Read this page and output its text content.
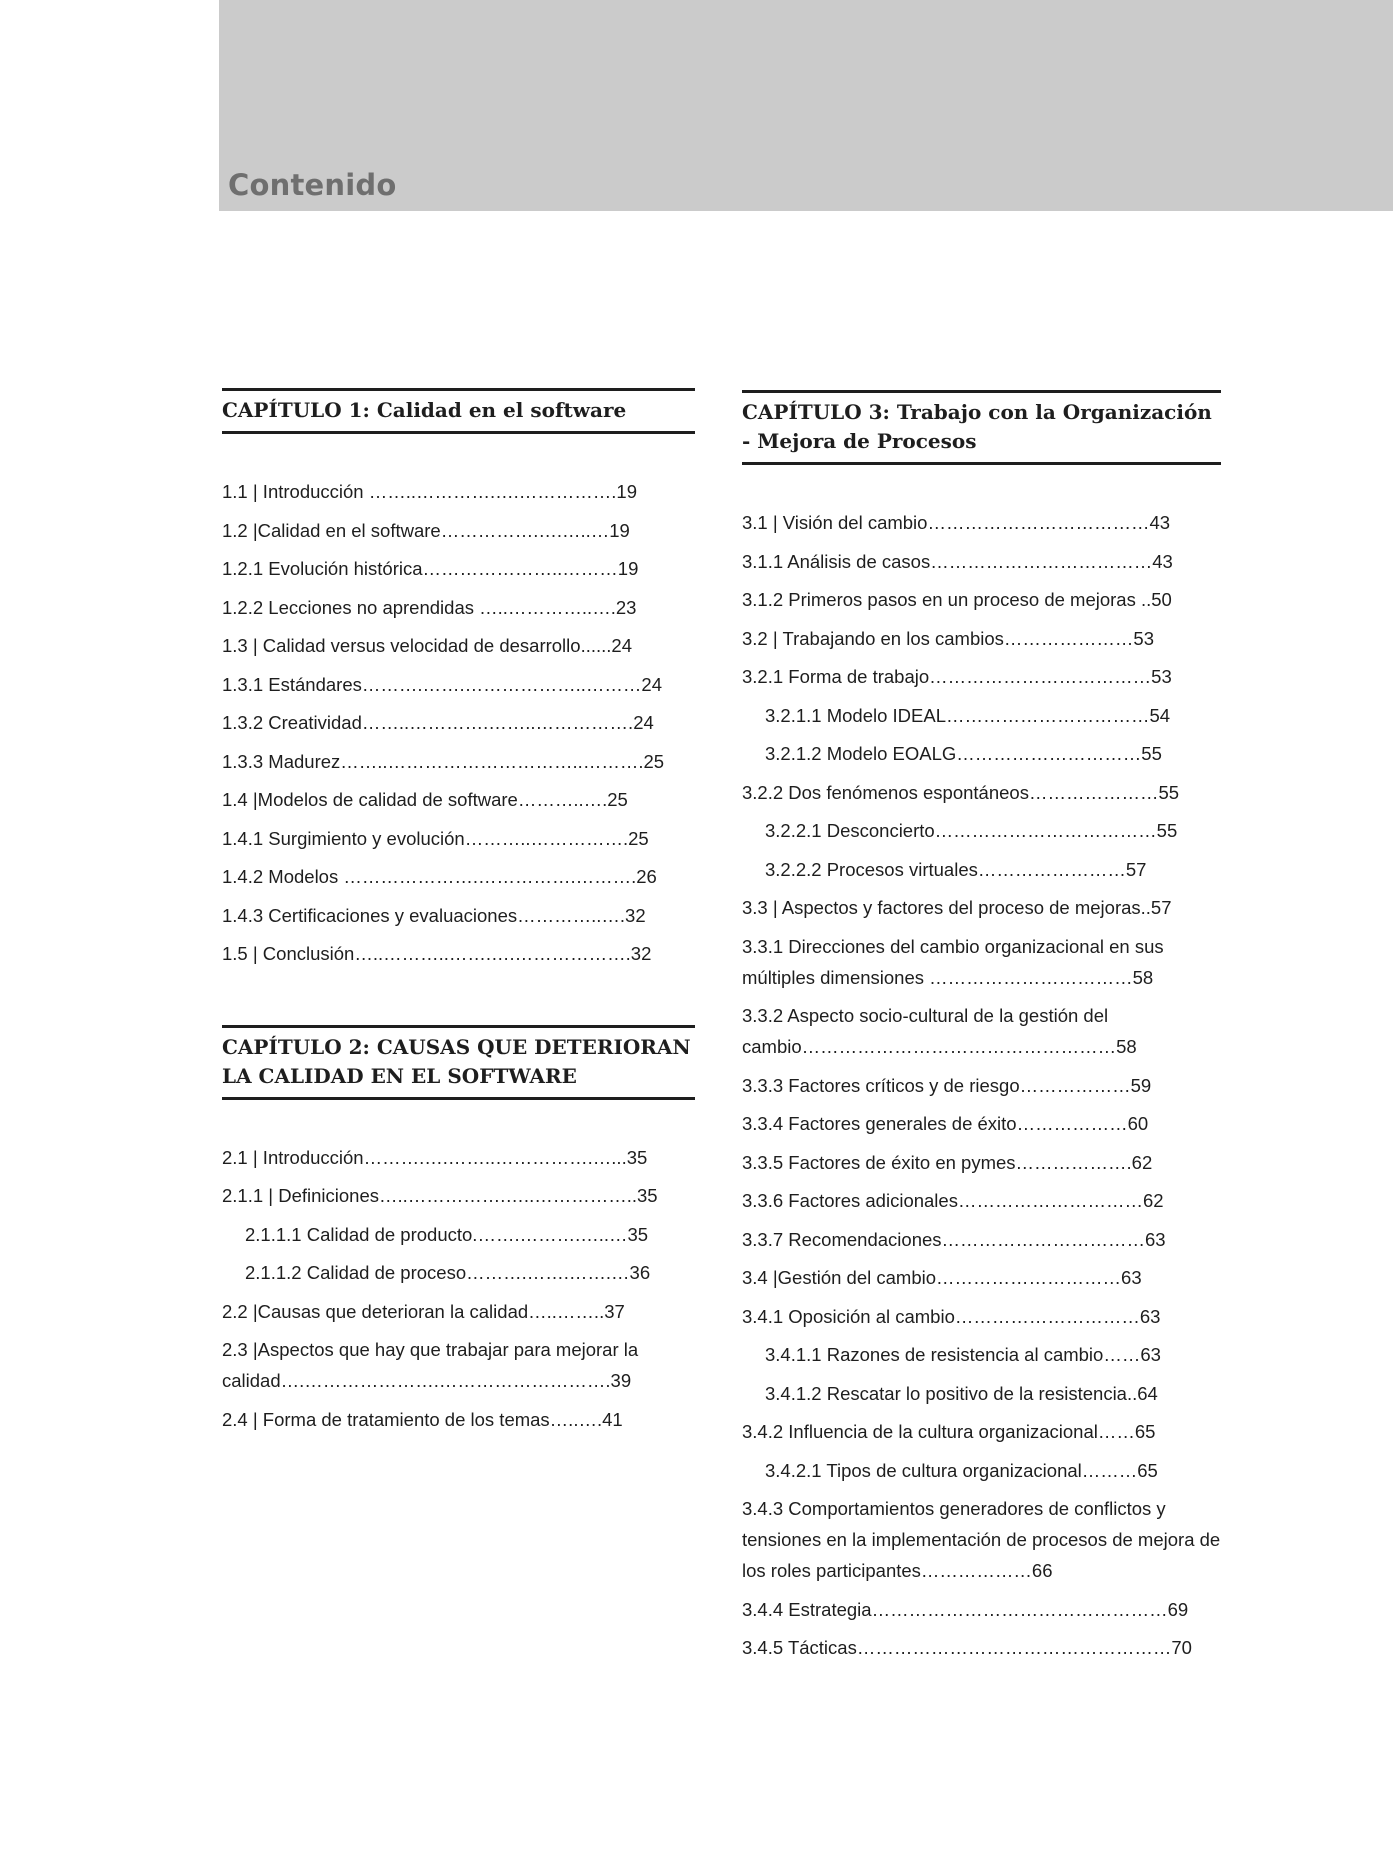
Contenido
CAPÍTULO 1: Calidad en el software
1.1 | Introducción ……..………….….…………….19
1.2 |Calidad en el software…………….….…..…19
1.2.1 Evolución histórica…………………..………19
1.2.2 Lecciones no aprendidas …..…………..….23
1.3 | Calidad versus velocidad de desarrollo......24
1.3.1 Estándares……….…….………………..………24
1.3.2 Creatividad……..………….……..…………….24
1.3.3 Madurez……..…………………………..……….25
1.4 |Modelos de calidad de software………..….25
1.4.1 Surgimiento y evolución………..…………….25
1.4.2 Modelos ………………….…………….……….26
1.4.3 Certificaciones y evaluaciones…………..….32
1.5 | Conclusión…..………..…….….……………….32
CAPÍTULO 2: CAUSAS QUE DETERIORAN LA CALIDAD EN EL SOFTWARE
2.1 | Introducción……….….……..…………….…...35
2.1.1 | Definiciones…..…………….…..……………..35
2.1.1.1 Calidad de producto.…….……….…..…35
2.1.1.2 Calidad de proceso……….…….…….…36
2.2 |Causas que deterioran la calidad…..……..37
2.3 |Aspectos que hay que trabajar para mejorar la calidad….………………….……………………….39
2.4 | Forma de tratamiento de los temas…..….41
CAPÍTULO 3: Trabajo con la Organización - Mejora de Procesos
3.1 | Visión del cambio………………………………43
3.1.1 Análisis de casos………………………………43
3.1.2 Primeros pasos en un proceso de mejoras ..50
3.2 | Trabajando en los cambios…………………53
3.2.1 Forma de trabajo………………………………53
3.2.1.1 Modelo IDEAL……………………………54
3.2.1.2 Modelo EOALG…………………………55
3.2.2 Dos fenómenos espontáneos…………………55
3.2.2.1 Desconcierto………………………………55
3.2.2.2 Procesos virtuales……………………57
3.3 | Aspectos y factores del proceso de mejoras..57
3.3.1 Direcciones del cambio organizacional en sus múltiples dimensiones ……………………………58
3.3.2 Aspecto socio-cultural de la gestión del cambio……………………………………………58
3.3.3 Factores críticos y de riesgo………………59
3.3.4 Factores generales de éxito………………60
3.3.5 Factores de éxito en pymes……………….62
3.3.6 Factores adicionales…………………………62
3.3.7 Recomendaciones……………………………63
3.4 |Gestión del cambio…………………………63
3.4.1 Oposición al cambio…………………………63
3.4.1.1 Razones de resistencia al cambio……63
3.4.1.2 Rescatar lo positivo de la resistencia..64
3.4.2 Influencia de la cultura organizacional……65
3.4.2.1 Tipos de cultura organizacional………65
3.4.3 Comportamientos generadores de conflictos y tensiones en la implementación de procesos de mejora de los roles participantes………………66
3.4.4 Estrategia…………………………………………69
3.4.5 Tácticas……………………………………………70
